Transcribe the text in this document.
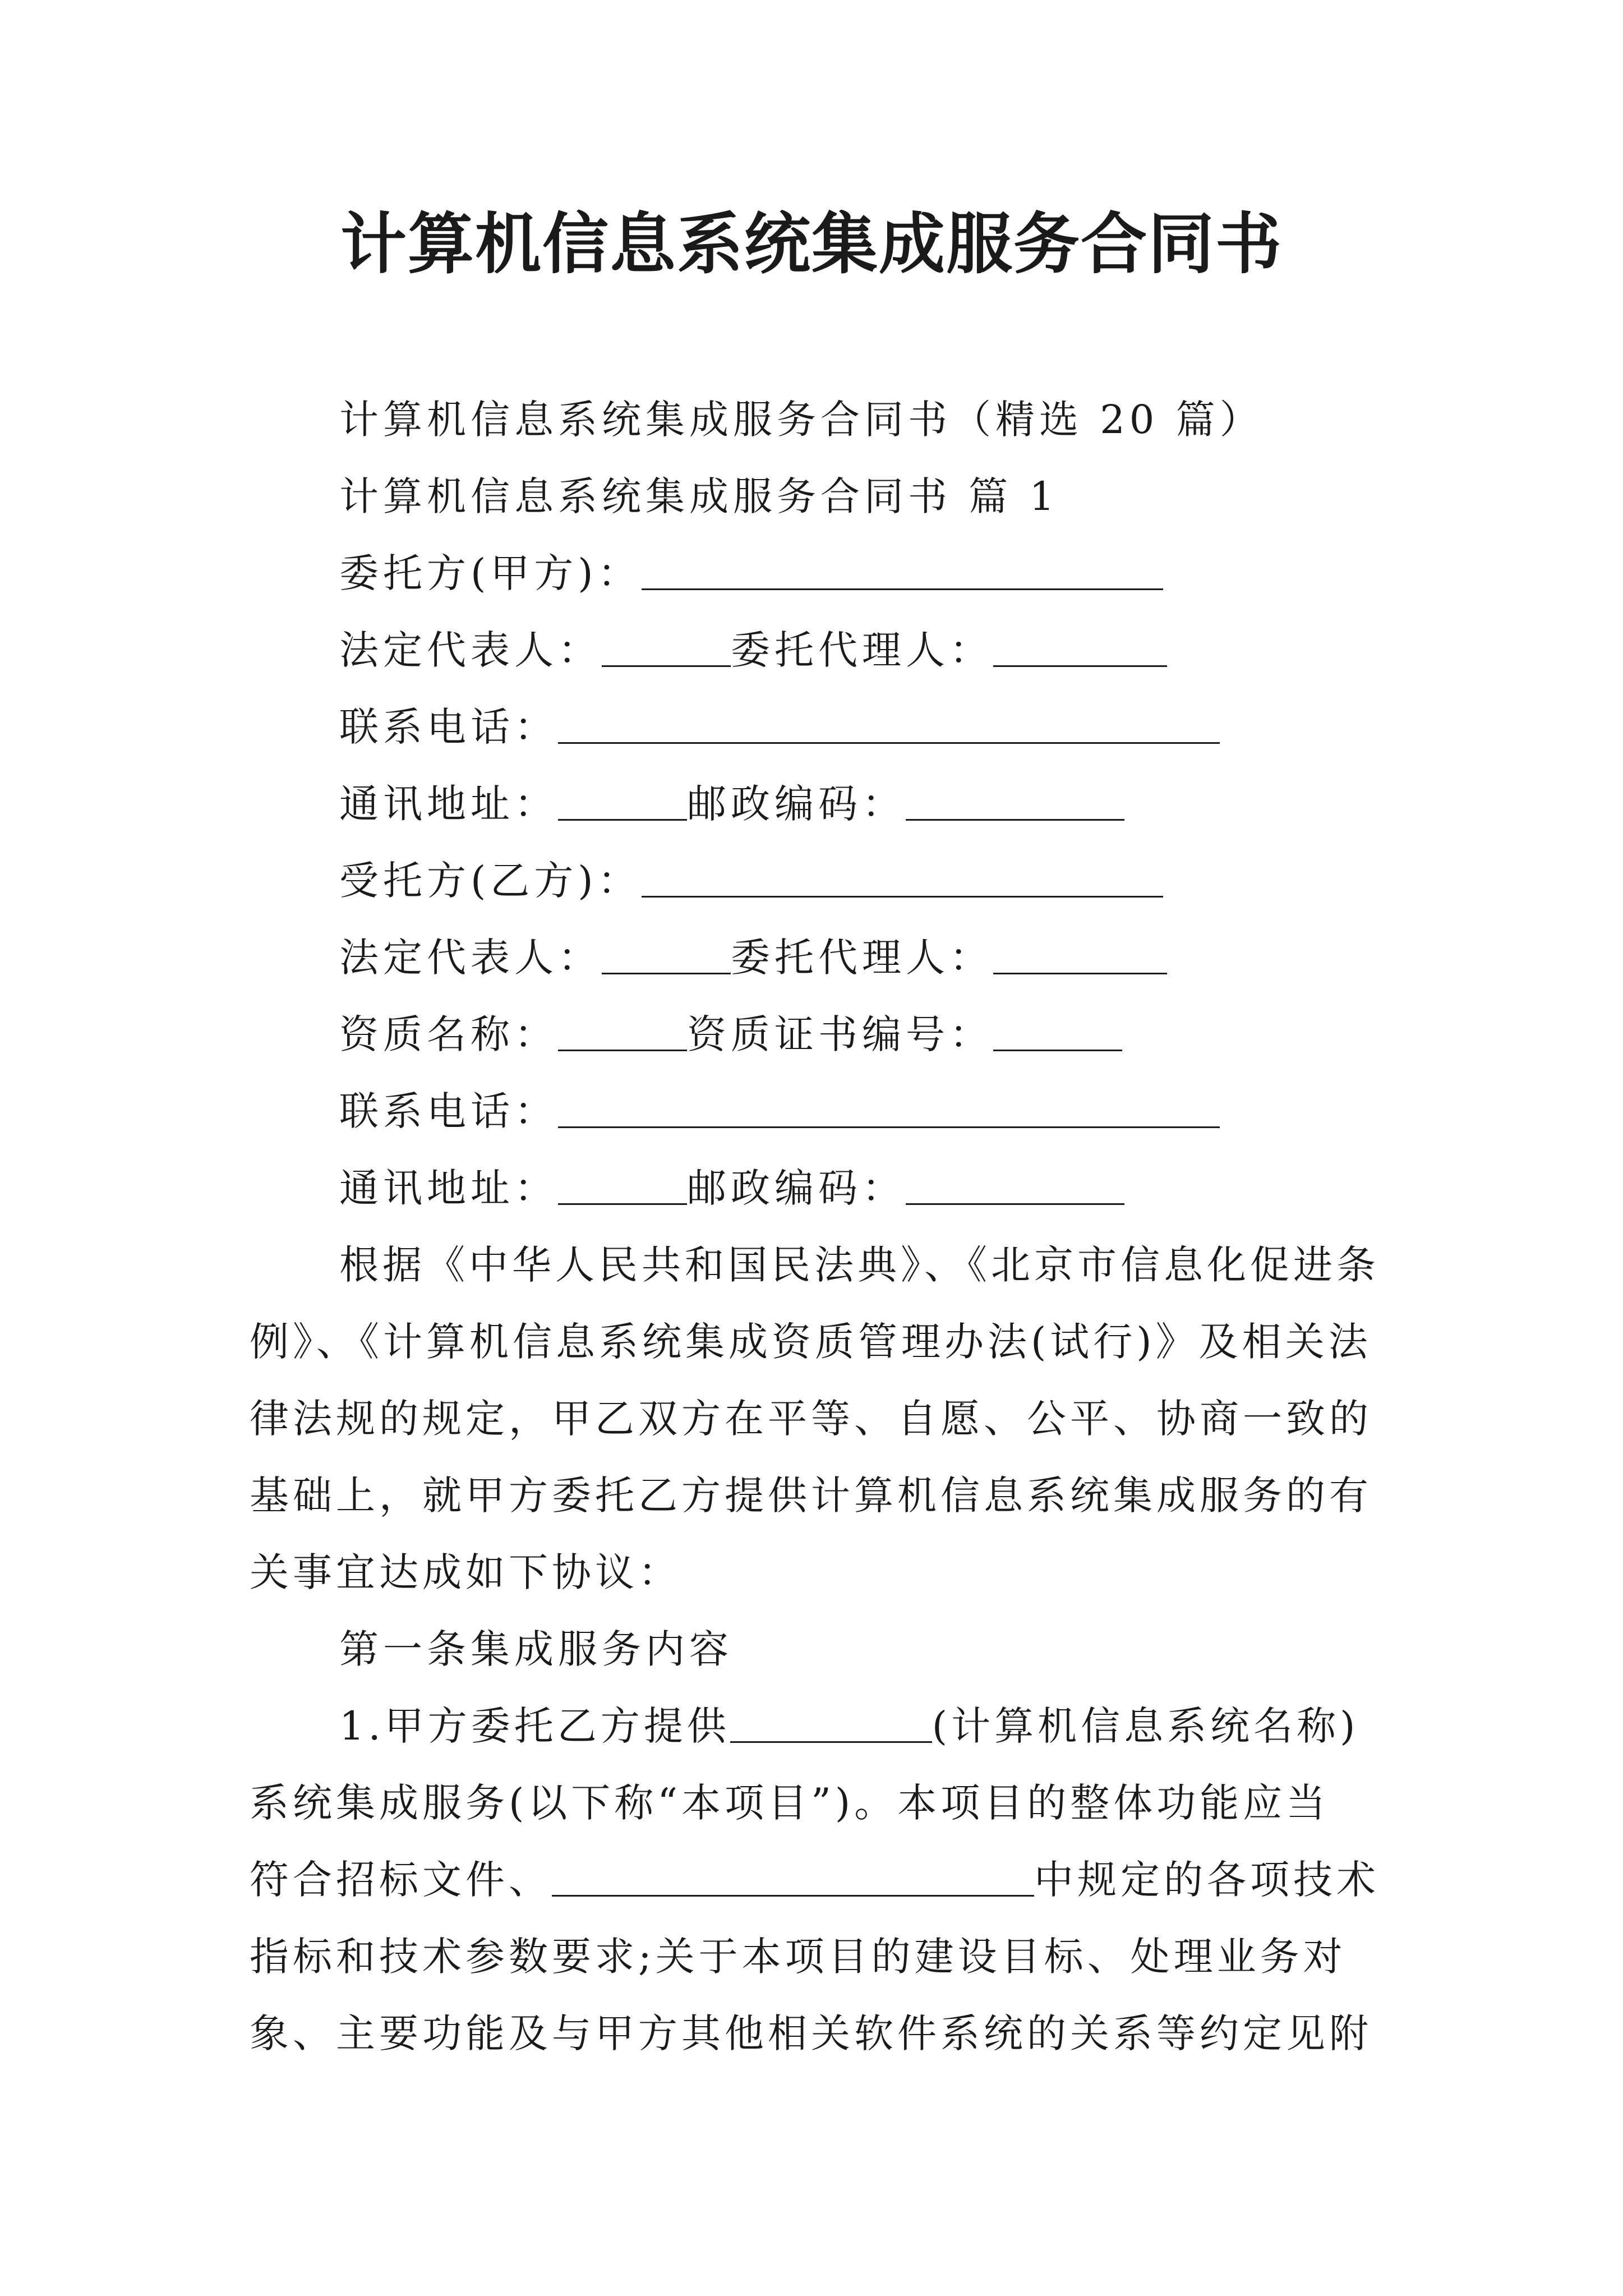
计算机信息系统集成服务合同书
计算机信息系统集成服务合同书（精选 20 篇）
计算机信息系统集成服务合同书 篇 1
委托方(甲方)：
法定代表人：	委托代理人：
联系电话：
通讯地址：	邮政编码：
受托方(乙方)：
法定代表人：	委托代理人：
资质名称：	资质证书编号：
联系电话：
通讯地址：	邮政编码：
根据《中华人民共和国民法典》、《北京市信息化促进条
例》、《计算机信息系统集成资质管理办法(试行)》及相关法
律法规的规定，甲乙双方在平等、自愿、公平、协商一致的
基础上，就甲方委托乙方提供计算机信息系统集成服务的有
关事宜达成如下协议：
第一条集成服务内容
1.甲方委托乙方提供	(计算机信息系统名称)
系统集成服务(以下称“本项目”)。本项目的整体功能应当
符合招标文件、	中规定的各项技术
指标和技术参数要求;关于本项目的建设目标、处理业务对
象、主要功能及与甲方其他相关软件系统的关系等约定见附
